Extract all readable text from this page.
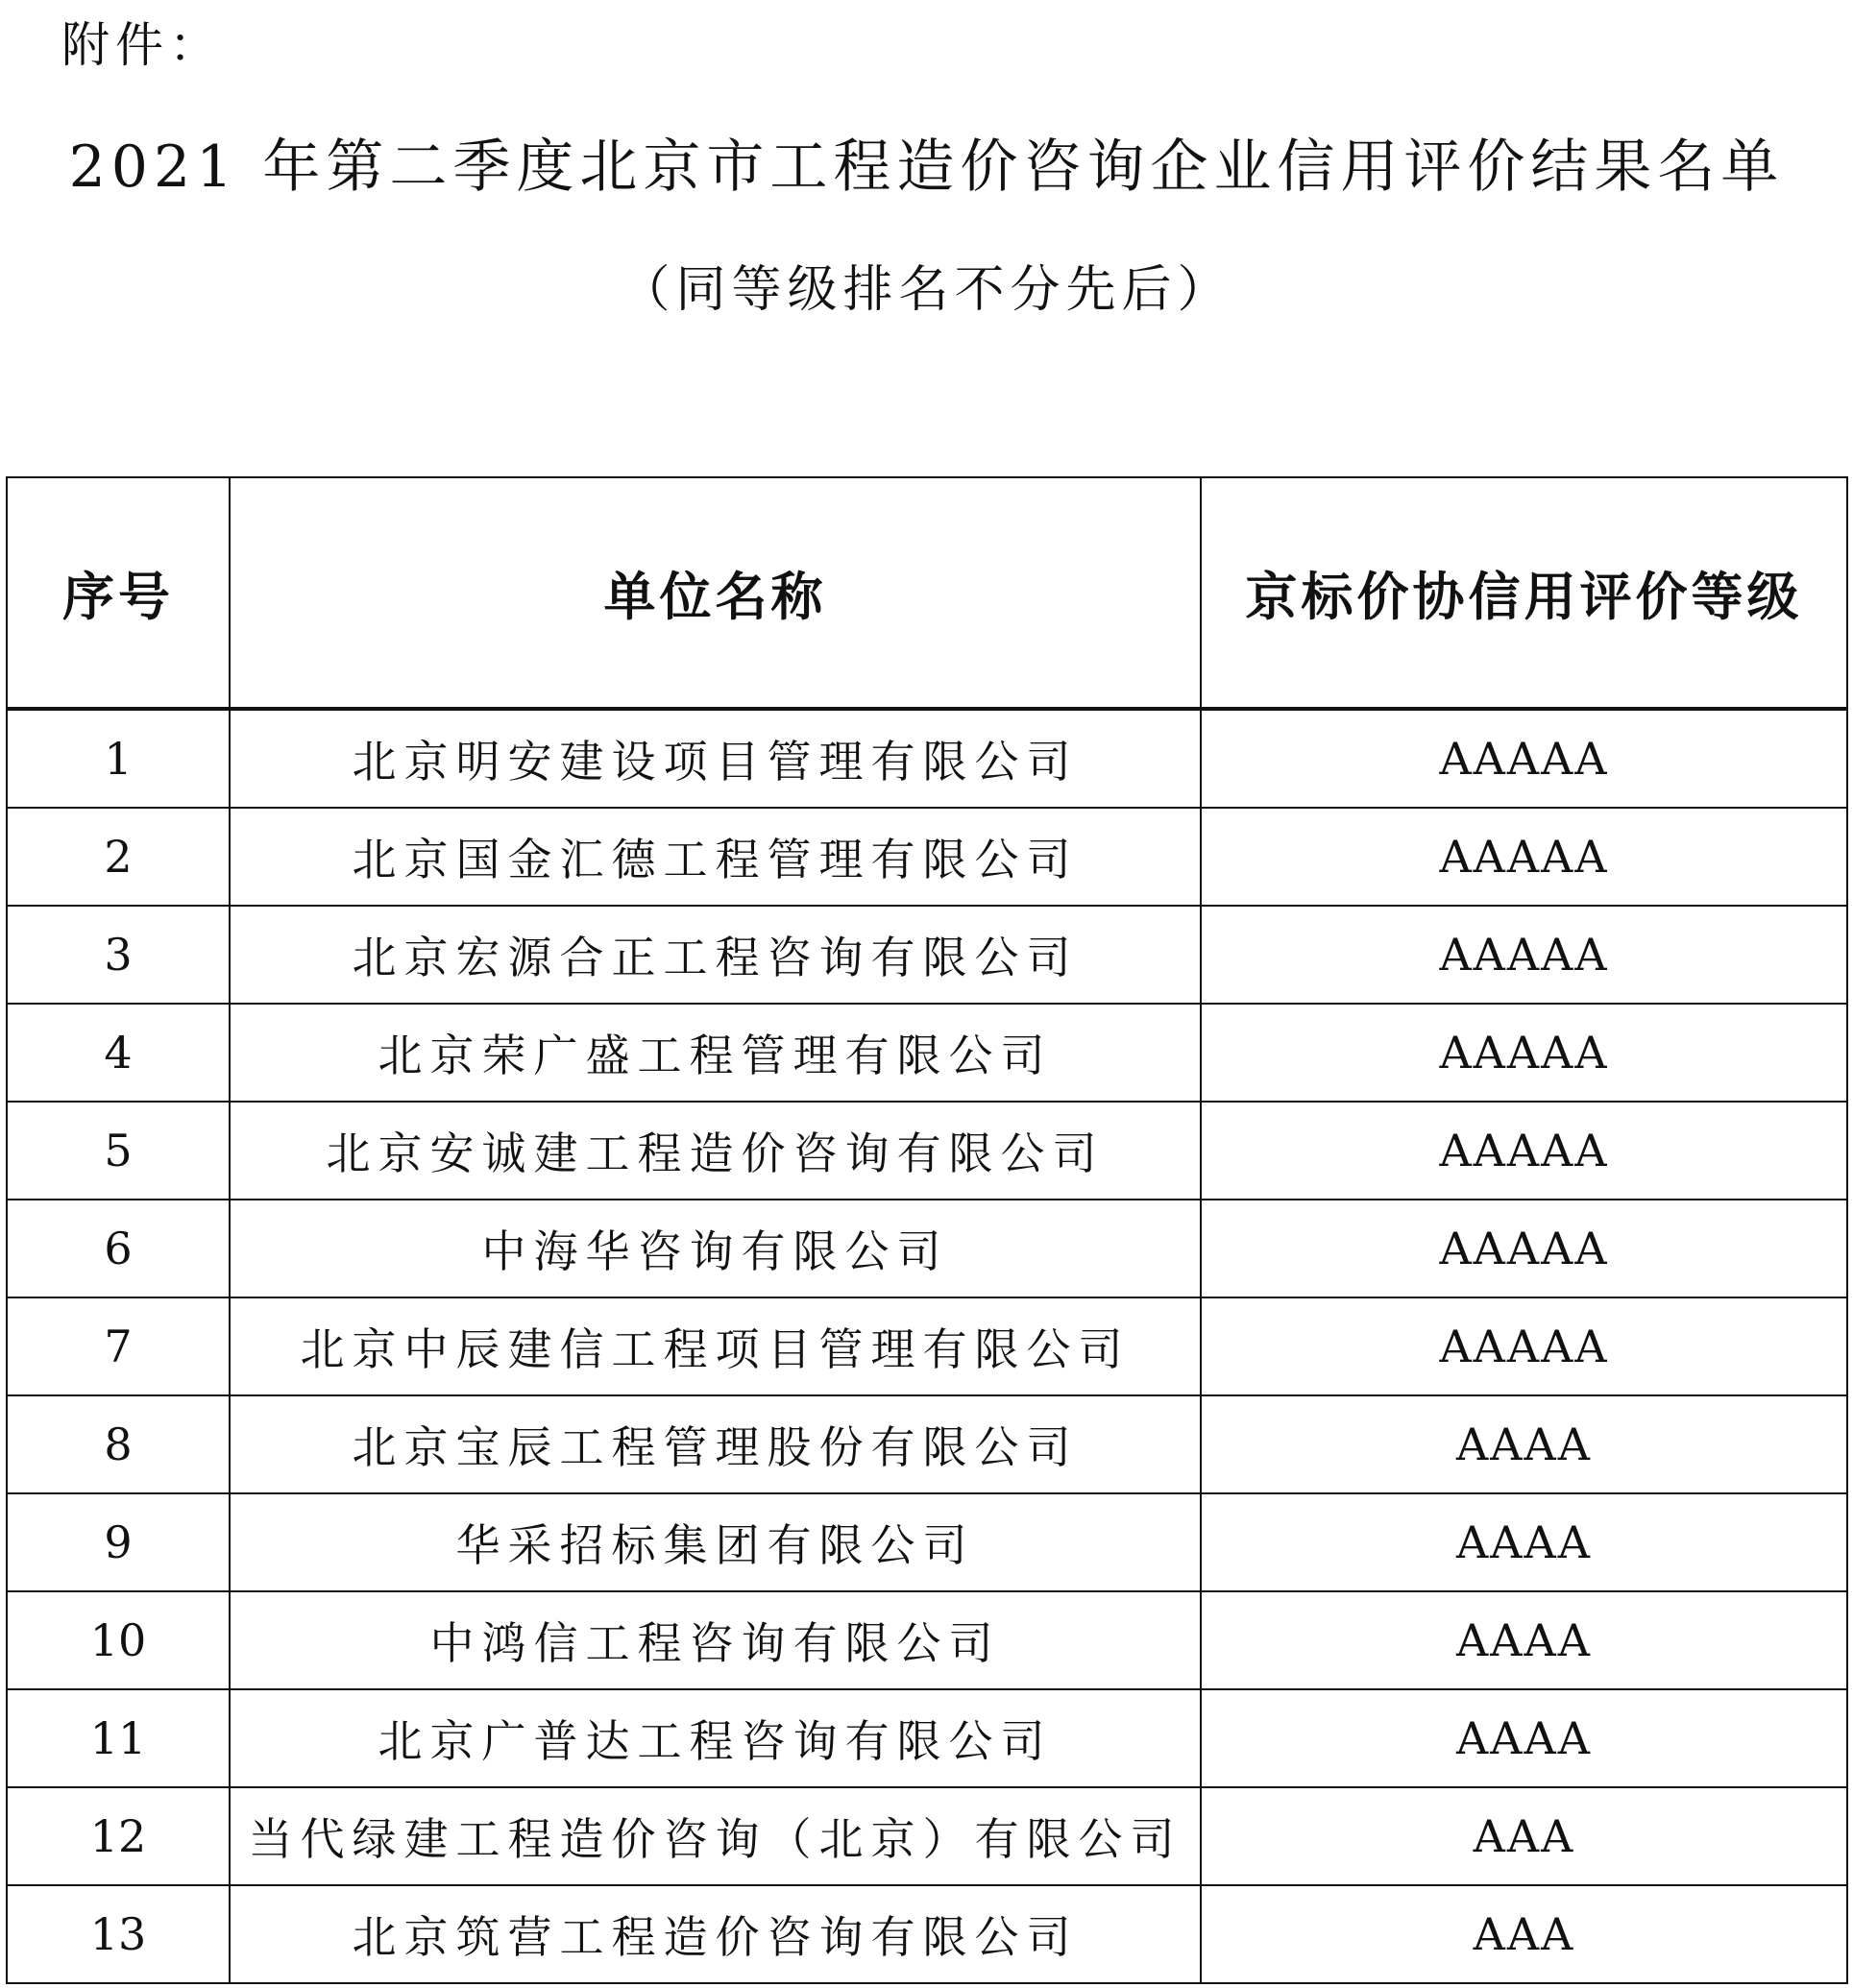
附件：

2021 年第二季度北京市工程造价咨询企业信用评价结果名单
（同等级排名不分先后）
序号	单位名称	京标价协信用评价等级
1	北京明安建设项目管理有限公司	AAAAA
2	北京国金汇德工程管理有限公司	AAAAA
3	北京宏源合正工程咨询有限公司	AAAAA
4	北京荣广盛工程管理有限公司	AAAAA
5	北京安诚建工程造价咨询有限公司	AAAAA
6	中海华咨询有限公司	AAAAA
7	北京中辰建信工程项目管理有限公司	AAAAA
8	北京宝辰工程管理股份有限公司	AAAA
9	华采招标集团有限公司	AAAA
10	中鸿信工程咨询有限公司	AAAA
11	北京广普达工程咨询有限公司	AAAA
12	当代绿建工程造价咨询（北京）有限公司	AAA
13	北京筑营工程造价咨询有限公司	AAA
